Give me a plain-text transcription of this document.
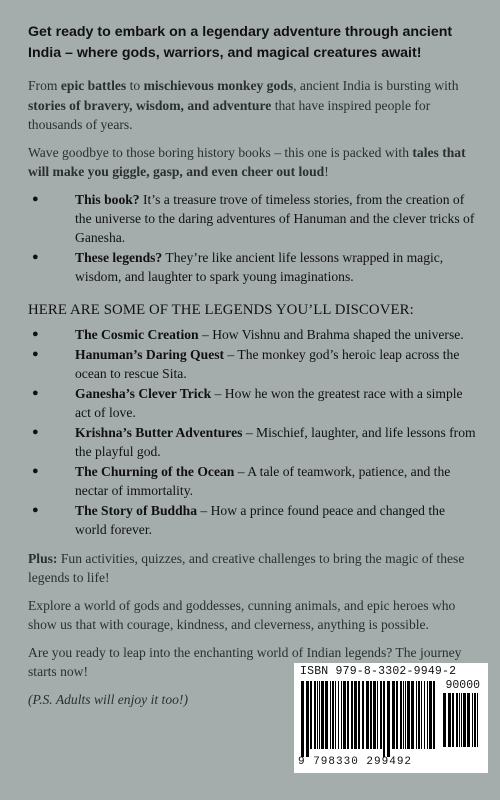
Get ready to embark on a legendary adventure through ancient India – where gods, warriors, and magical creatures await!

From epic battles to mischievous monkey gods, ancient India is bursting with stories of bravery, wisdom, and adventure that have inspired people for thousands of years.

Wave goodbye to those boring history books – this one is packed with tales that will make you giggle, gasp, and even cheer out loud!

● This book? It’s a treasure trove of timeless stories, from the creation of the universe to the daring adventures of Hanuman and the clever tricks of Ganesha.
● These legends? They’re like ancient life lessons wrapped in magic, wisdom, and laughter to spark young imaginations.
HERE ARE SOME OF THE LEGENDS YOU’LL DISCOVER:
● The Cosmic Creation – How Vishnu and Brahma shaped the universe.
● Hanuman’s Daring Quest – The monkey god’s heroic leap across the ocean to rescue Sita.
● Ganesha’s Clever Trick – How he won the greatest race with a simple act of love.
● Krishna’s Butter Adventures – Mischief, laughter, and life lessons from the playful god.
● The Churning of the Ocean – A tale of teamwork, patience, and the nectar of immortality.
● The Story of Buddha – How a prince found peace and changed the world forever.

Plus: Fun activities, quizzes, and creative challenges to bring the magic of these legends to life!

Explore a world of gods and goddesses, cunning animals, and epic heroes who show us that with courage, kindness, and cleverness, anything is possible.

Are you ready to leap into the enchanting world of Indian legends? The journey starts now!

(P.S. Adults will enjoy it too!)

ISBN 979-8-3302-9949-2
90000
9 798330 299492
